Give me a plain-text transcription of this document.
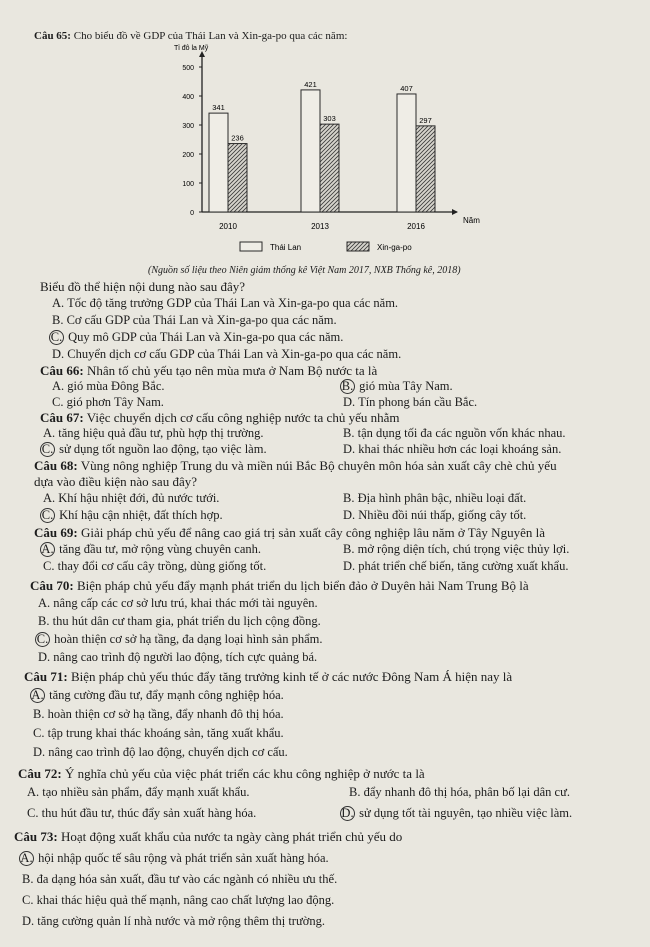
Câu 65: Cho biểu đồ về GDP của Thái Lan và Xin-ga-po qua các năm:
Tỉ đô la Mỹ
Năm
0
100
200
300
400
500
341
236
2010
421
303
2013
407
297
2016
Thái Lan	Xin-ga-po
(Nguồn số liệu theo Niên giám thống kê Việt Nam 2017, NXB Thống kê, 2018)
Biểu đồ thể hiện nội dung nào sau đây?
A. Tốc độ tăng trưởng GDP của Thái Lan và Xin-ga-po qua các năm.
B. Cơ cấu GDP của Thái Lan và Xin-ga-po qua các năm.
C. Quy mô GDP của Thái Lan và Xin-ga-po qua các năm.
D. Chuyển dịch cơ cấu GDP của Thái Lan và Xin-ga-po qua các năm.
Câu 66: Nhân tố chủ yếu tạo nên mùa mưa ở Nam Bộ nước ta là
A. gió mùa Đông Bắc.	B. gió mùa Tây Nam.
C. gió phơn Tây Nam.	D. Tín phong bán cầu Bắc.
Câu 67: Việc chuyển dịch cơ cấu công nghiệp nước ta chủ yếu nhằm
A. tăng hiệu quả đầu tư, phù hợp thị trường.	B. tận dụng tối đa các nguồn vốn khác nhau.
C. sử dụng tốt nguồn lao động, tạo việc làm.	D. khai thác nhiều hơn các loại khoáng sản.
Câu 68: Vùng nông nghiệp Trung du và miền núi Bắc Bộ chuyên môn hóa sản xuất cây chè chủ yếu
dựa vào điều kiện nào sau đây?
A. Khí hậu nhiệt đới, đủ nước tưới.	B. Địa hình phân bậc, nhiều loại đất.
C. Khí hậu cận nhiệt, đất thích hợp.	D. Nhiều đồi núi thấp, giống cây tốt.
Câu 69: Giải pháp chủ yếu để nâng cao giá trị sản xuất cây công nghiệp lâu năm ở Tây Nguyên là
A. tăng đầu tư, mở rộng vùng chuyên canh.	B. mở rộng diện tích, chú trọng việc thủy lợi.
C. thay đổi cơ cấu cây trồng, dùng giống tốt.	D. phát triển chế biến, tăng cường xuất khẩu.
Câu 70: Biện pháp chủ yếu đẩy mạnh phát triển du lịch biển đảo ở Duyên hải Nam Trung Bộ là
A. nâng cấp các cơ sở lưu trú, khai thác mới tài nguyên.
B. thu hút dân cư tham gia, phát triển du lịch cộng đồng.
C. hoàn thiện cơ sở hạ tầng, đa dạng loại hình sản phẩm.
D. nâng cao trình độ người lao động, tích cực quảng bá.
Câu 71: Biện pháp chủ yếu thúc đẩy tăng trưởng kinh tế ở các nước Đông Nam Á hiện nay là
A. tăng cường đầu tư, đẩy mạnh công nghiệp hóa.
B. hoàn thiện cơ sở hạ tầng, đẩy nhanh đô thị hóa.
C. tập trung khai thác khoáng sản, tăng xuất khẩu.
D. nâng cao trình độ lao động, chuyển dịch cơ cấu.
Câu 72: Ý nghĩa chủ yếu của việc phát triển các khu công nghiệp ở nước ta là
A. tạo nhiều sản phẩm, đẩy mạnh xuất khẩu.	B. đẩy nhanh đô thị hóa, phân bố lại dân cư.
C. thu hút đầu tư, thúc đẩy sản xuất hàng hóa.	D. sử dụng tốt tài nguyên, tạo nhiều việc làm.
Câu 73: Hoạt động xuất khẩu của nước ta ngày càng phát triển chủ yếu do
A. hội nhập quốc tế sâu rộng và phát triển sản xuất hàng hóa.
B. đa dạng hóa sản xuất, đầu tư vào các ngành có nhiều ưu thế.
C. khai thác hiệu quả thế mạnh, nâng cao chất lượng lao động.
D. tăng cường quản lí nhà nước và mở rộng thêm thị trường.
